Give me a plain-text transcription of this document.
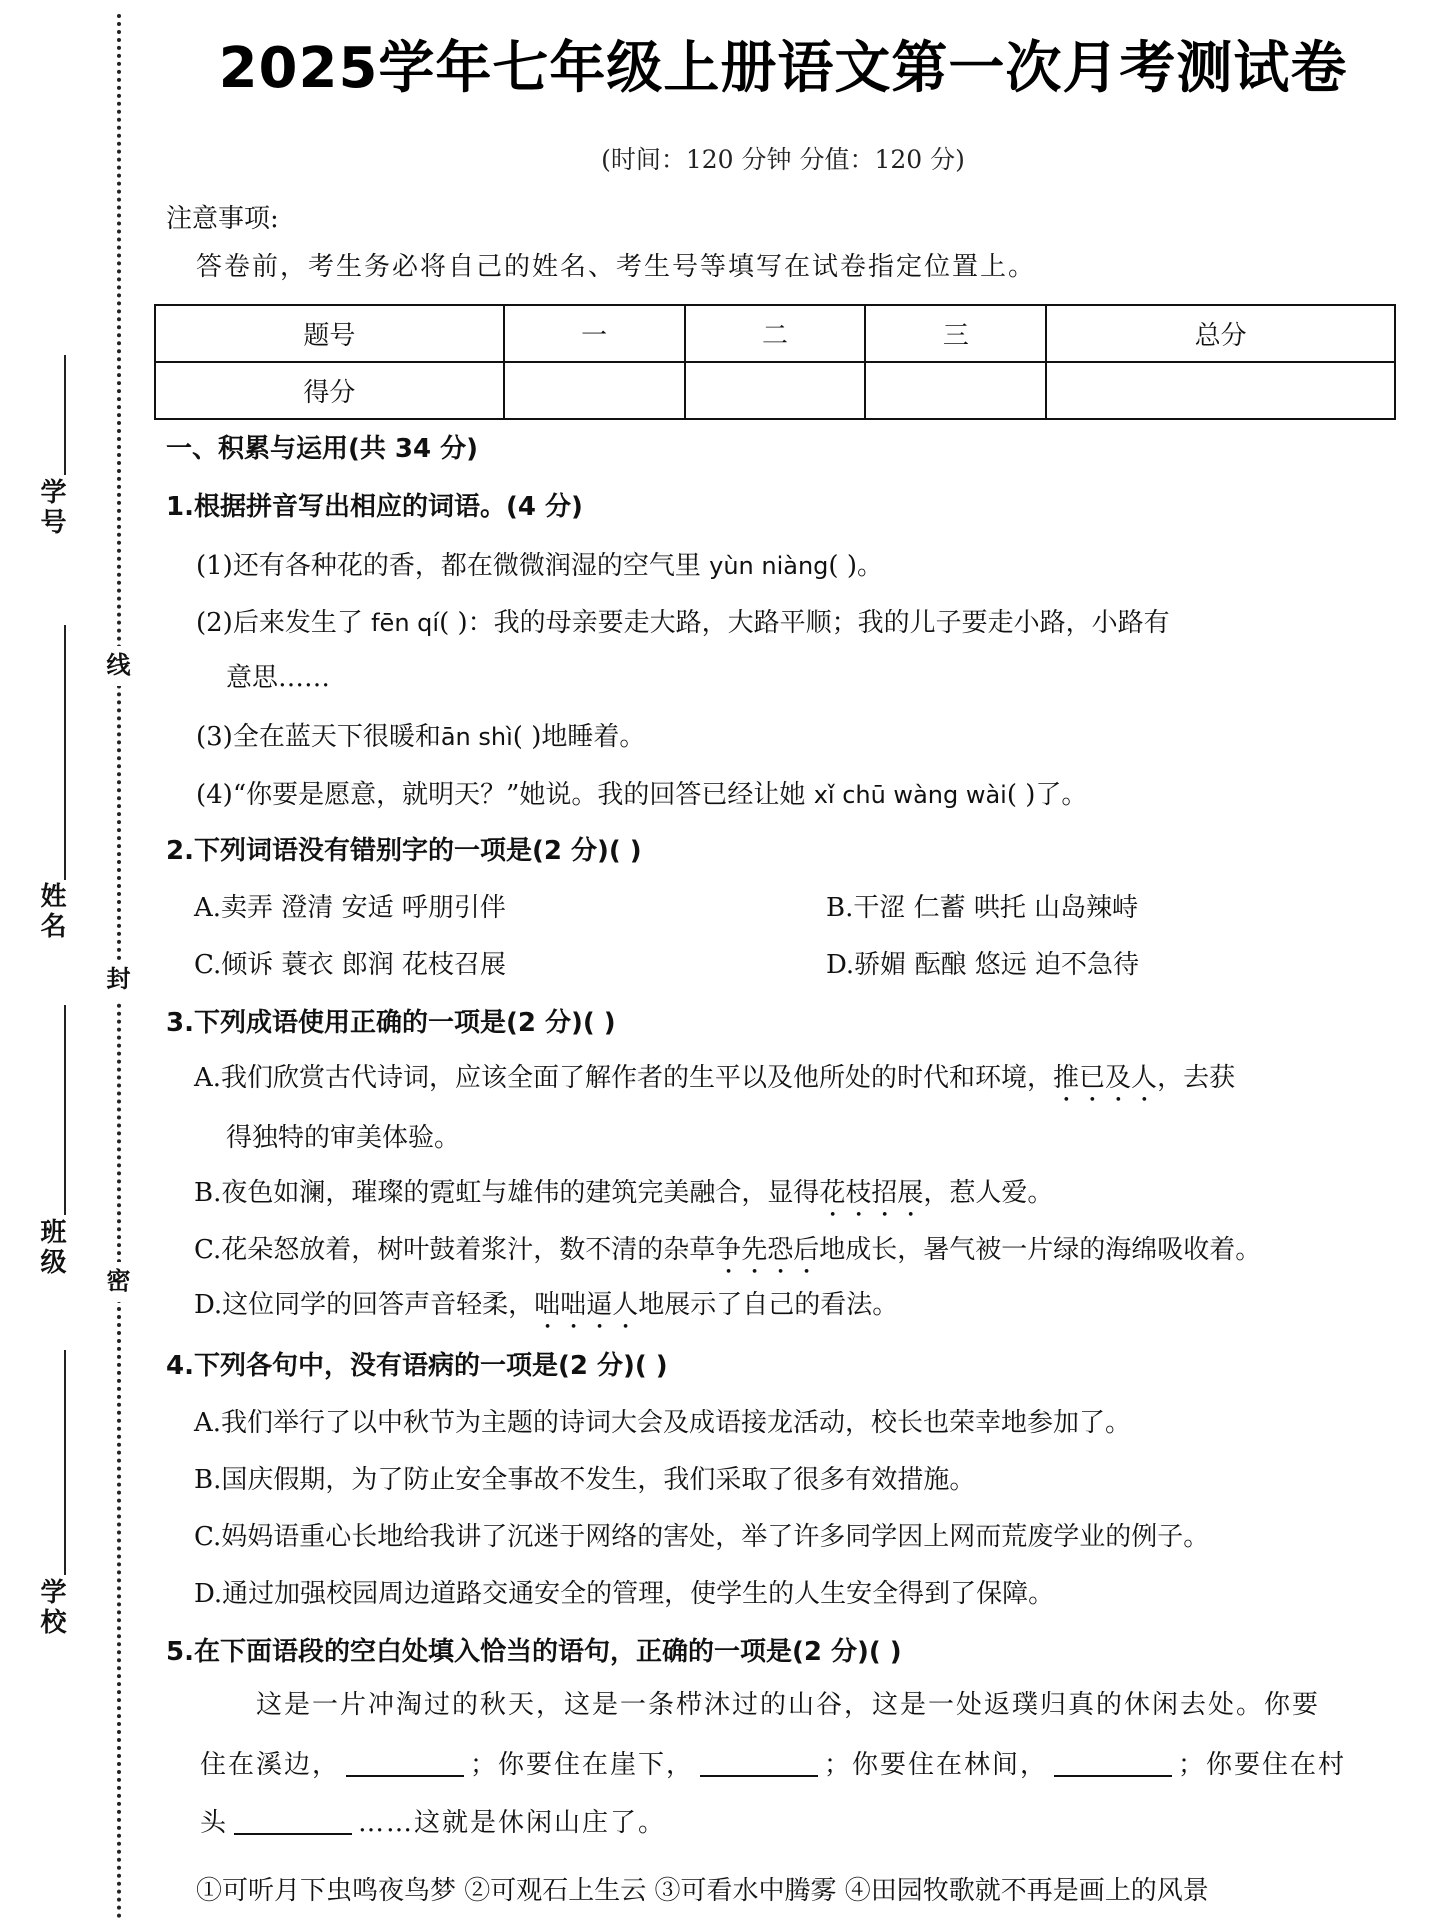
学号
姓名
班级
学校
线
封
密
2025学年七年级上册语文第一次月考测试卷
(时间：120 分钟 分值：120 分)
注意事项:
答卷前，考生务必将自己的姓名、考生号等填写在试卷指定位置上。
题号	一	二	三	总分
得分				
一、积累与运用(共 34 分)
1.根据拼音写出相应的词语。(4 分)
(1)还有各种花的香，都在微微润湿的空气里 yùn niàng( )。
(2)后来发生了 fēn qí( )：我的母亲要走大路，大路平顺；我的儿子要走小路，小路有
意思……
(3)全在蓝天下很暖和ān shì( )地睡着。
(4)“你要是愿意，就明天？”她说。我的回答已经让她 xǐ chū wàng wài( )了。
2.下列词语没有错别字的一项是(2 分)( )
A.卖弄 澄清 安适 呼朋引伴	B.干涩 仁蓄 哄托 山岛辣峙
C.倾诉 蓑衣 郎润 花枝召展	D.骄媚 酝酿 悠远 迫不急待
3.下列成语使用正确的一项是(2 分)( )
A.我们欣赏古代诗词，应该全面了解作者的生平以及他所处的时代和环境，推已及人，去获
得独特的审美体验。
B.夜色如澜，璀璨的霓虹与雄伟的建筑完美融合，显得花枝招展，惹人爱。
C.花朵怒放着，树叶鼓着浆汁，数不清的杂草争先恐后地成长，暑气被一片绿的海绵吸收着。
D.这位同学的回答声音轻柔，咄咄逼人地展示了自己的看法。
4.下列各句中，没有语病的一项是(2 分)( )
A.我们举行了以中秋节为主题的诗词大会及成语接龙活动，校长也荣幸地参加了。
B.国庆假期，为了防止安全事故不发生，我们采取了很多有效措施。
C.妈妈语重心长地给我讲了沉迷于网络的害处，举了许多同学因上网而荒废学业的例子。
D.通过加强校园周边道路交通安全的管理，使学生的人生安全得到了保障。
5.在下面语段的空白处填入恰当的语句，正确的一项是(2 分)( )
这是一片冲淘过的秋天，这是一条栉沐过的山谷，这是一处返璞归真的休闲去处。你要
住在溪边，	；你要住在崖下，	；你要住在林间，	；你要住在村
头	……这就是休闲山庄了。
①可听月下虫鸣夜鸟梦 ②可观石上生云 ③可看水中腾雾 ④田园牧歌就不再是画上的风景
